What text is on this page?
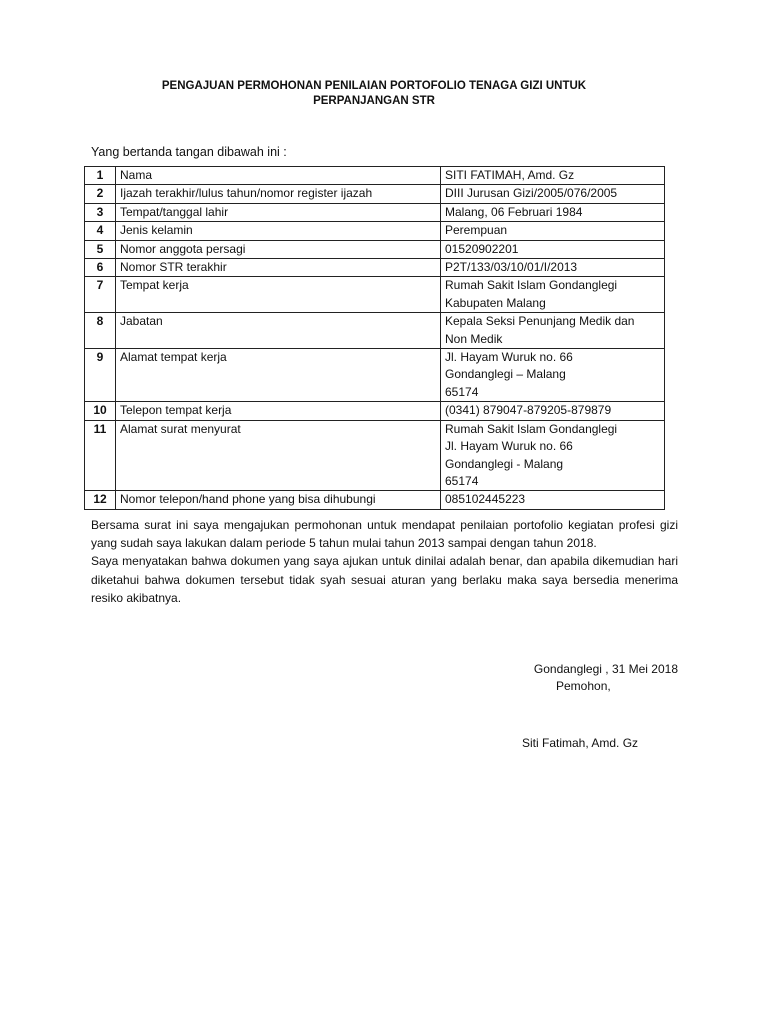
PENGAJUAN PERMOHONAN PENILAIAN PORTOFOLIO TENAGA GIZI UNTUK
PERPANJANGAN STR
Yang bertanda tangan dibawah ini :
1	Nama	SITI FATIMAH, Amd. Gz

2	Ijazah terakhir/lulus tahun/nomor register ijazah	DIII Jurusan Gizi/2005/076/2005

3	Tempat/tanggal lahir	Malang, 06 Februari 1984

4	Jenis kelamin	Perempuan

5	Nomor anggota persagi	01520902201

6	Nomor STR terakhir	P2T/133/03/10/01/I/2013

7	Tempat kerja	Rumah Sakit Islam Gondanglegi
Kabupaten Malang

8	Jabatan	Kepala Seksi Penunjang Medik dan
Non Medik

9	Alamat tempat kerja	Jl. Hayam Wuruk no. 66
Gondanglegi – Malang
65174

10	Telepon tempat kerja	(0341) 879047-879205-879879

11	Alamat surat menyurat	Rumah Sakit Islam Gondanglegi
Jl. Hayam Wuruk no. 66
Gondanglegi - Malang
65174

12	Nomor telepon/hand phone yang bisa dihubungi	085102445223

Bersama surat ini saya mengajukan permohonan untuk mendapat penilaian portofolio kegiatan profesi gizi yang sudah saya lakukan dalam periode 5 tahun mulai tahun 2013 sampai dengan tahun 2018.

Saya menyatakan bahwa dokumen yang saya ajukan untuk dinilai adalah benar, dan apabila dikemudian hari diketahui bahwa dokumen tersebut tidak syah sesuai aturan yang berlaku maka saya bersedia menerima resiko akibatnya.

Gondanglegi , 31 Mei 2018
Pemohon,
Siti Fatimah, Amd. Gz
